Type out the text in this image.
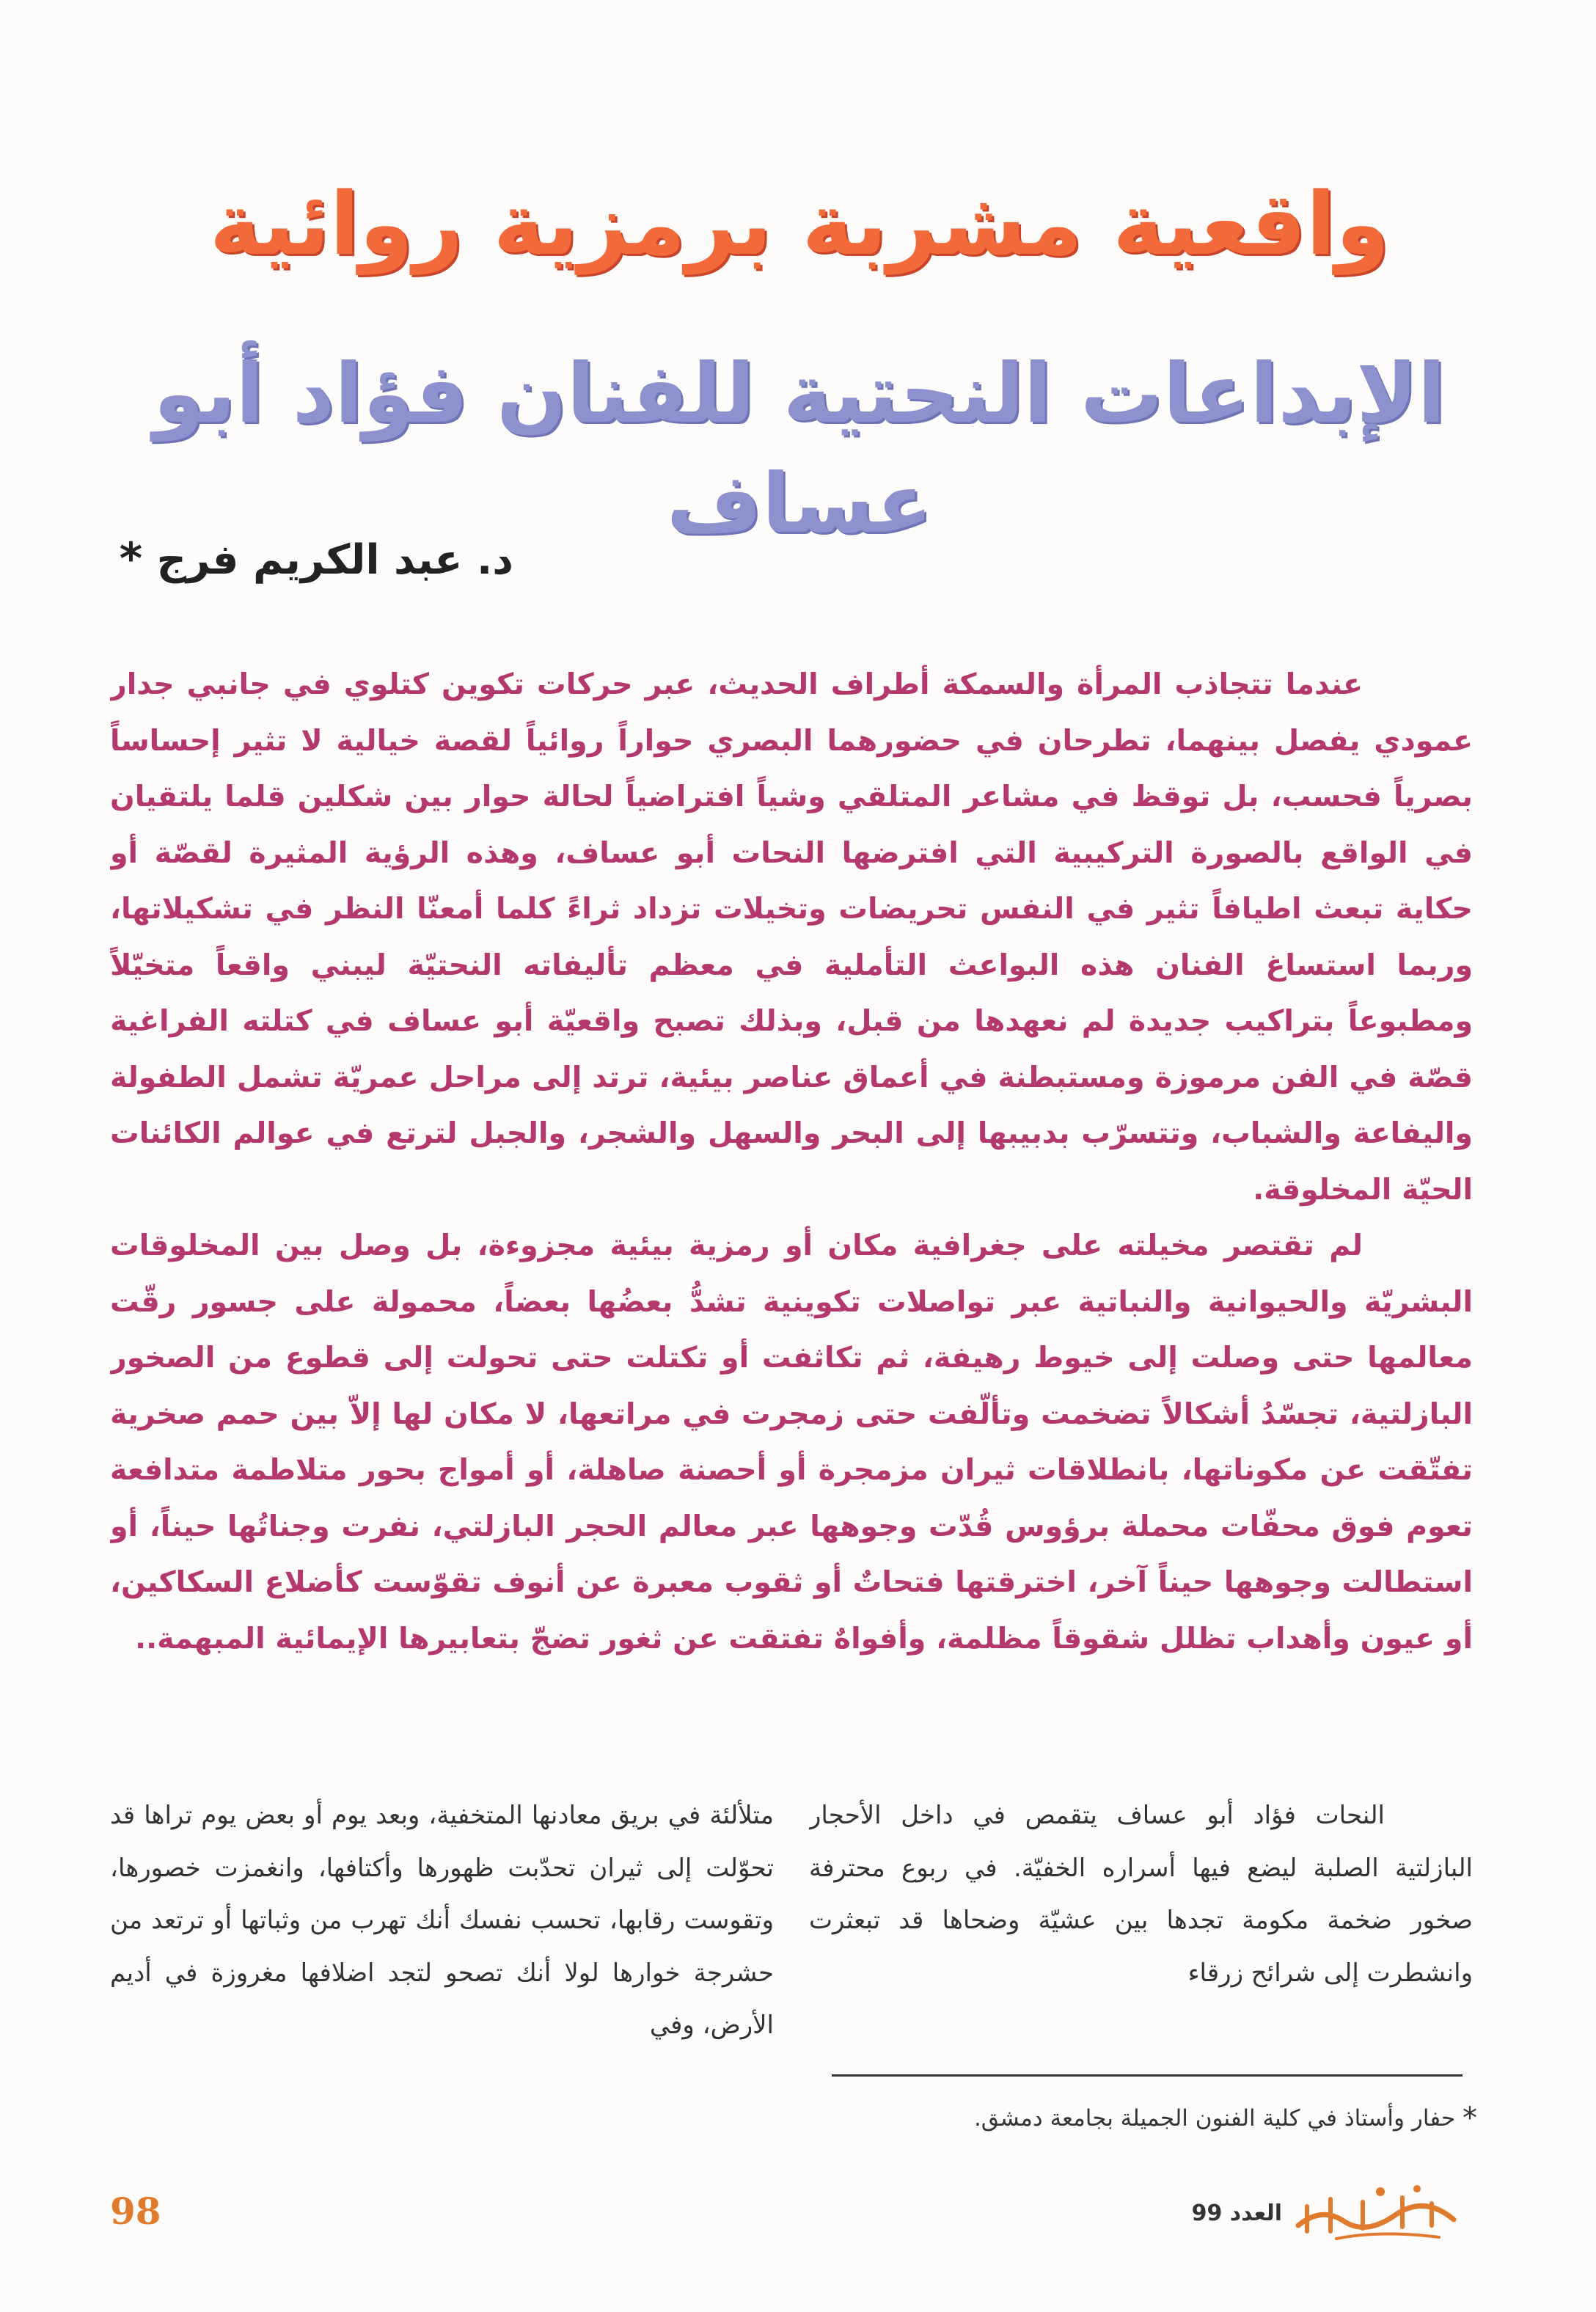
واقعية مشربة برمزية روائية
الإبداعات النحتية للفنان فؤاد أبو عساف
د. عبد الكريم فرج *

عندما تتجاذب المرأة والسمكة أطراف الحديث، عبر حركات تكوين كتلوي في جانبي جدار عمودي يفصل بينهما، تطرحان في حضورهما البصري حواراً روائياً لقصة خيالية لا تثير إحساساً بصرياً فحسب، بل توقظ في مشاعر المتلقي وشياً افتراضياً لحالة حوار بين شكلين قلما يلتقيان في الواقع بالصورة التركيبية التي افترضها النحات أبو عساف، وهذه الرؤية المثيرة لقصّة أو حكاية تبعث اطيافاً تثير في النفس تحريضات وتخيلات تزداد ثراءً كلما أمعنّا النظر في تشكيلاتها، وربما استساغ الفنان هذه البواعث التأملية في معظم تأليفاته النحتيّة ليبني واقعاً متخيّلاً ومطبوعاً بتراكيب جديدة لم نعهدها من قبل، وبذلك تصبح واقعيّة أبو عساف في كتلته الفراغية قصّة في الفن مرموزة ومستبطنة في أعماق عناصر بيئية، ترتد إلى مراحل عمريّة تشمل الطفولة واليفاعة والشباب، وتتسرّب بدبيبها إلى البحر والسهل والشجر، والجبل لترتع في عوالم الكائنات الحيّة المخلوقة.

لم تقتصر مخيلته على جغرافية مكان أو رمزية بيئية مجزوءة، بل وصل بين المخلوقات البشريّة والحيوانية والنباتية عبر تواصلات تكوينية تشدُّ بعضُها بعضاً، محمولة على جسور رقّت معالمها حتى وصلت إلى خيوط رهيفة، ثم تكاثفت أو تكتلت حتى تحولت إلى قطوع من الصخور البازلتية، تجسّدُ أشكالاً تضخمت وتألّفت حتى زمجرت في مراتعها، لا مكان لها إلاّ بين حمم صخرية تفتّقت عن مكوناتها، بانطلاقات ثيران مزمجرة أو أحصنة صاهلة، أو أمواج بحور متلاطمة متدافعة تعوم فوق محفّات محملة برؤوس قُدّت وجوهها عبر معالم الحجر البازلتي، نفرت وجناتُها حيناً، أو استطالت وجوهها حيناً آخر، اخترقتها فتحاتٌ أو ثقوب معبرة عن أنوف تقوّست كأضلاع السكاكين، أو عيون وأهداب تظلل شقوقاً مظلمة، وأفواهٌ تفتقت عن ثغور تضجّ بتعابيرها الإيمائية المبهمة..

النحات فؤاد أبو عساف يتقمص في داخل الأحجار البازلتية الصلبة ليضع فيها أسراره الخفيّة. في ربوع محترفة صخور ضخمة مكومة تجدها بين عشيّة وضحاها قد تبعثرت وانشطرت إلى شرائح زرقاء

متلألئة في بريق معادنها المتخفية، وبعد يوم أو بعض يوم تراها قد تحوّلت إلى ثيران تحدّبت ظهورها وأكتافها، وانغمزت خصورها، وتقوست رقابها، تحسب نفسك أنك تهرب من وثباتها أو ترتعد من حشرجة خوارها لولا أنك تصحو لتجد اضلافها مغروزة في أديم الأرض، وفي

* حفار وأستاذ في كلية الفنون الجميلة بجامعة دمشق.
98	العدد 99
